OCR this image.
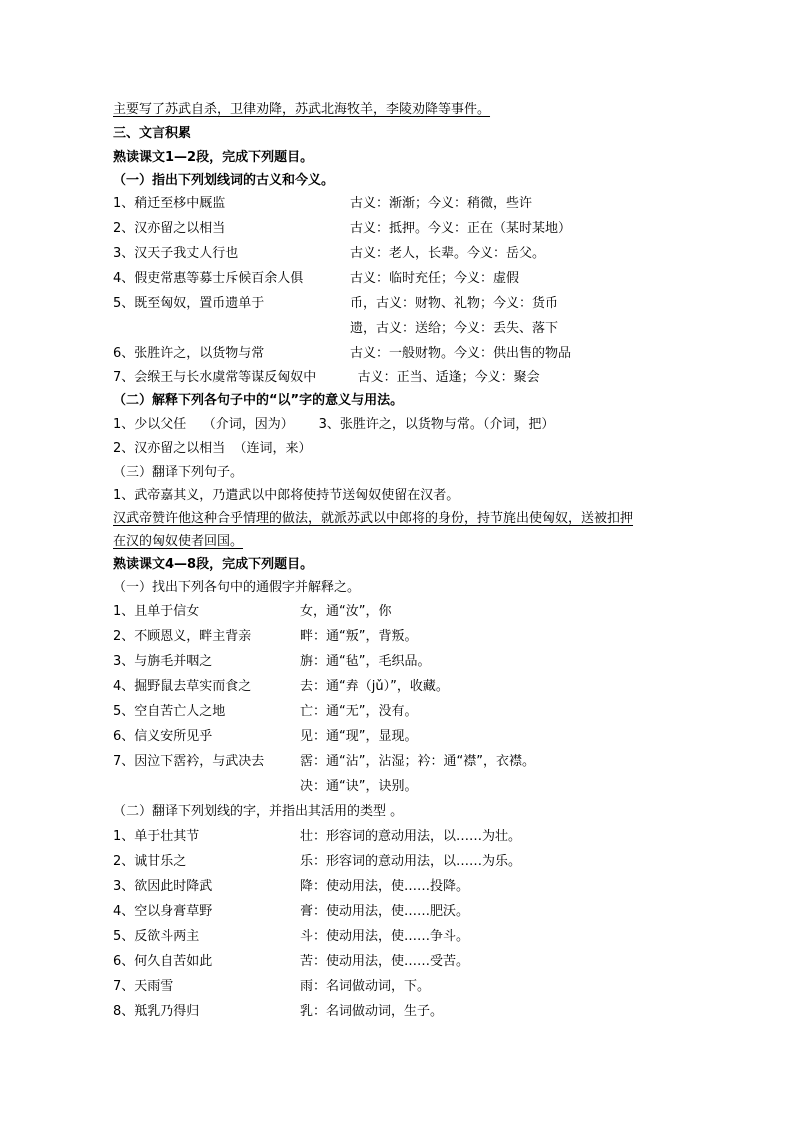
主要写了苏武自杀，卫律劝降，苏武北海牧羊，李陵劝降等事件。
三、文言积累
熟读课文1—2段，完成下列题目。
（一）指出下列划线词的古义和今义。
1、稍迁至栘中厩监	古义：渐渐；今义：稍微，些许
2、汉亦留之以相当	古义：抵押。今义：正在（某时某地）
3、汉天子我丈人行也	古义：老人，长辈。今义：岳父。
4、假吏常惠等募士斥候百余人俱	古义：临时充任；今义：虚假
5、既至匈奴，置币遗单于	币，古义：财物、礼物；今义：货币
遗，古义：送给；今义：丢失、落下
6、张胜许之，以货物与常	古义：一般财物。今义：供出售的物品
7、会缑王与长水虞常等谋反匈奴中          古义：正当、适逢；今义：聚会
（二）解释下列各句子中的“以”字的意义与用法。
1、少以父任    （介词，因为）      3、张胜许之，以货物与常。（介词，把）
2、汉亦留之以相当  （连词，来）
（三）翻译下列句子。
1、武帝嘉其义，乃遣武以中郎将使持节送匈奴使留在汉者。
汉武帝赞许他这种合乎情理的做法，就派苏武以中郎将的身份，持节旄出使匈奴，送被扣押
在汉的匈奴使者回国。
熟读课文4—8段，完成下列题目。
（一）找出下列各句中的通假字并解释之。
1、且单于信女	女，通“汝”，你
2、不顾恩义，畔主背亲	畔：通“叛”，背叛。
3、与旃毛并咽之	旃：通“毡”，毛织品。
4、掘野鼠去草实而食之	去：通“弆（jǔ）”，收藏。
5、空自苦亡人之地	亡：通“无”，没有。
6、信义安所见乎	见：通“现”，显现。
7、因泣下霑衿，与武决去	霑：通“沾”，沾湿；衿：通“襟”，衣襟。
决：通“诀”，诀别。
（二）翻译下列划线的字，并指出其活用的类型 。
1、单于壮其节	壮：形容词的意动用法，以……为壮。
2、诚甘乐之	乐：形容词的意动用法，以……为乐。
3、欲因此时降武	降：使动用法，使……投降。
4、空以身膏草野	膏：使动用法，使……肥沃。
5、反欲斗两主	斗：使动用法，使……争斗。
6、何久自苦如此	苦：使动用法，使……受苦。
7、天雨雪	雨：名词做动词，下。
8、羝乳乃得归	乳：名词做动词，生子。
